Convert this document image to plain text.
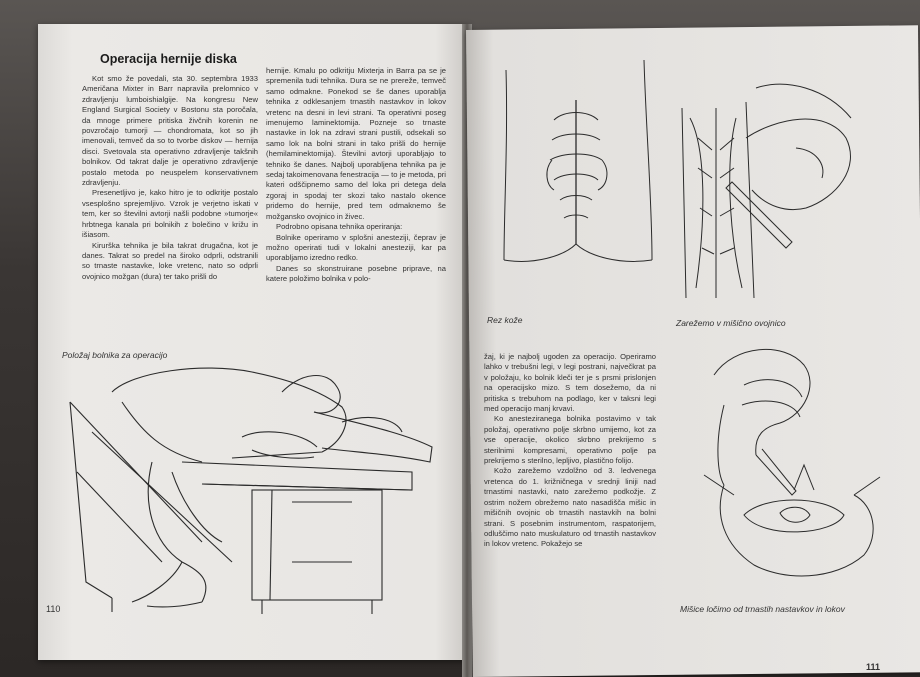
Operacija hernije diska

Kot smo že povedali, sta 30. septembra 1933 Američana Mixter in Barr napravila prelomnico v zdravljenju lumboishialgije. Na kongresu New England Surgical Society v Bostonu sta poročala, da mnoge primere pritiska živčnih korenin ne povzročajo tumorji — chondromata, kot so jih imenovali, temveč da so to tvorbe diskov — hernija disci. Svetovala sta operativno zdravljenje takšnih bolnikov. Od takrat dalje je operativno zdravljenje postalo metoda po neuspelem konservativnem zdravljenju.

Presenetljivo je, kako hitro je to odkritje postalo vsesplošno sprejemljivo. Vzrok je verjetno iskati v tem, ker so številni avtorji našli podobne »tumorje« hrbtnega kanala pri bolnikih z bolečino v križu in išiasom.

Kirurška tehnika je bila takrat drugačna, kot je danes. Takrat so predel na široko odprli, odstranili so trnaste nastavke, loke vretenc, nato so odprli ovojnico možgan (dura) ter tako prišli do

hernije. Kmalu po odkritju Mixterja in Barra pa se je spremenila tudi tehnika. Dura se ne prereže, temveč samo odmakne. Ponekod se še danes uporablja tehnika z odklesanjem trnastih nastavkov in lokov vretenc na desni in levi strani. Ta operativni poseg imenujemo laminektomija. Pozneje so trnaste nastavke in lok na zdravi strani pustili, odsekali so samo lok na bolni strani in tako prišli do hernije (hemilaminektomija). Številni avtorji uporabljajo to tehniko še danes. Najbolj uporabljena tehnika pa je sedaj takoimenovana fenestracija — to je metoda, pri kateri odščipnemo samo del loka pri detega dela zgoraj in spodaj ter skozi tako nastalo okence pridemo do hernije, pred tem odmaknemo še možgansko ovojnico in živec.

Podrobno opisana tehnika operiranja:

Bolnike operiramo v splošni anesteziji, čeprav je možno operirati tudi v lokalni anesteziji, kar pa uporabljamo izredno redko.

Danes so skonstruirane posebne priprave, na katere položimo bolnika v polo-

Položaj bolnika za operacijo
110
Rez kože	Zarežemo v mišično ovojnico

žaj, ki je najbolj ugoden za operacijo. Operiramo lahko v trebušni legi, v legi postrani, največkrat pa v položaju, ko bolnik kleči ter je s prsmi prislonjen na operacijsko mizo. S tem dosežemo, da ni pritiska s trebuhom na podlago, ker v taksni legi med operacijo manj krvavi.

Ko anesteziranega bolnika postavimo v tak položaj, operativno polje skrbno umijemo, kot za vse operacije, okolico skrbno prekrijemo s sterilnimi kompresami, operativno polje pa prekrijemo s sterilno, lepljivo, plastično folijo.

Kožo zarežemo vzdolžno od 3. ledvenega vretenca do 1. križničnega v srednji liniji nad trnastimi nastavki, nato zarežemo podkožje. Z ostrim nožem obrežemo nato nasadišča mišic in mišičnih ovojnic ob trnastih nastavkih na bolni strani. S posebnim instrumentom, raspatorijem, odluščimo nato muskulaturo od trnastih nastavkov in lokov vretenc. Pokažejo se

Mišice ločimo od trnastih nastavkov in lokov
111
